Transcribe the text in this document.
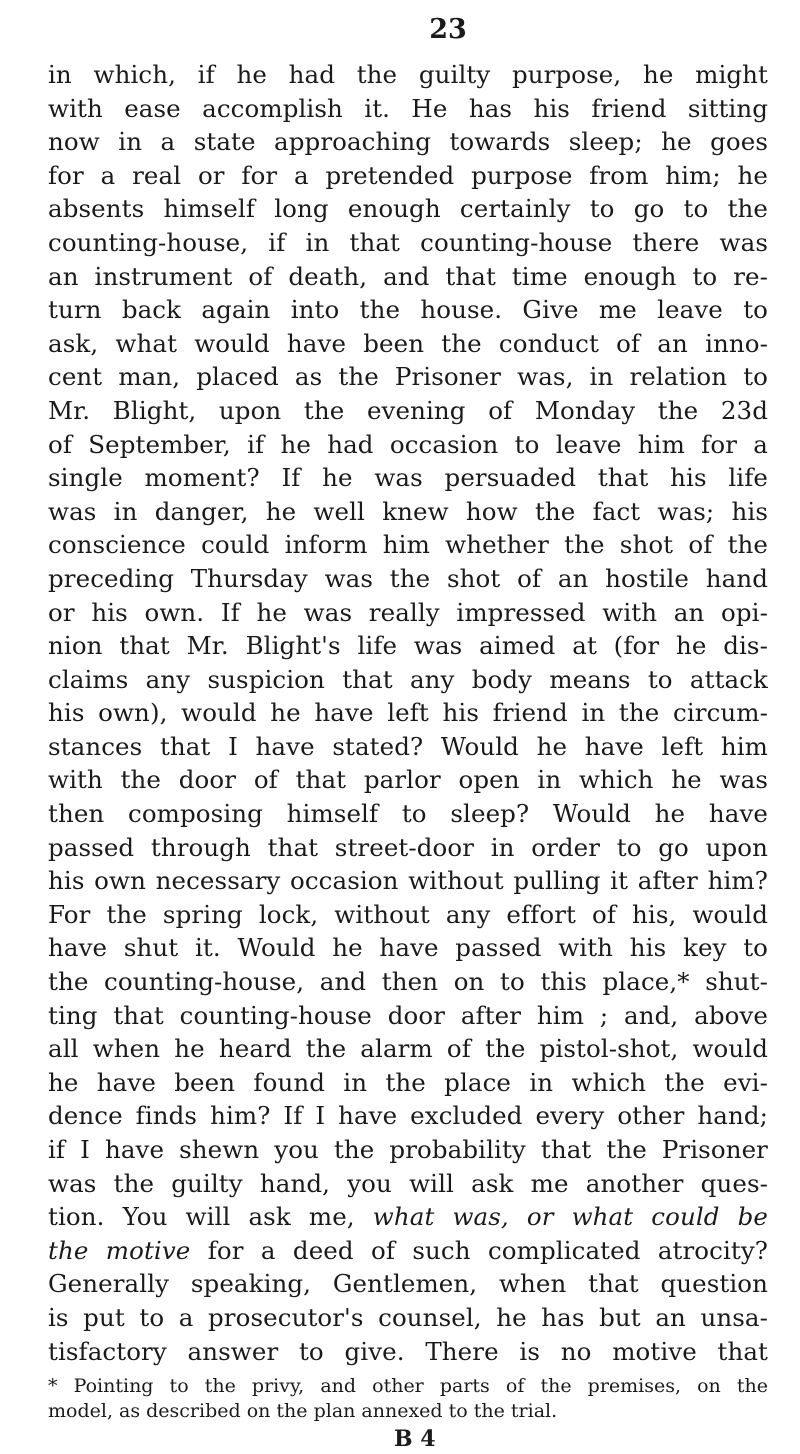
23
in which, if he had the guilty purpose, he might
with ease accomplish it. He has his friend sitting
now in a state approaching towards sleep; he goes
for a real or for a pretended purpose from him; he
absents himself long enough certainly to go to the
counting-house, if in that counting-house there was
an instrument of death, and that time enough to re-
turn back again into the house. Give me leave to
ask, what would have been the conduct of an inno-
cent man, placed as the Prisoner was, in relation to
Mr. Blight, upon the evening of Monday the 23d
of September, if he had occasion to leave him for a
single moment? If he was persuaded that his life
was in danger, he well knew how the fact was; his
conscience could inform him whether the shot of the
preceding Thursday was the shot of an hostile hand
or his own. If he was really impressed with an opi-
nion that Mr. Blight's life was aimed at (for he dis-
claims any suspicion that any body means to attack
his own), would he have left his friend in the circum-
stances that I have stated? Would he have left him
with the door of that parlor open in which he was
then composing himself to sleep? Would he have
passed through that street-door in order to go upon
his own necessary occasion without pulling it after him?
For the spring lock, without any effort of his, would
have shut it. Would he have passed with his key to
the counting-house, and then on to this place,* shut-
ting that counting-house door after him ; and, above
all when he heard the alarm of the pistol-shot, would
he have been found in the place in which the evi-
dence finds him? If I have excluded every other hand;
if I have shewn you the probability that the Prisoner
was the guilty hand, you will ask me another ques-
tion. You will ask me, what was, or what could be
the motive for a deed of such complicated atrocity?
Generally speaking, Gentlemen, when that question
is put to a prosecutor's counsel, he has but an unsa-
tisfactory answer to give. There is no motive that
* Pointing to the privy, and other parts of the premises, on the
model, as described on the plan annexed to the trial.
B 4
